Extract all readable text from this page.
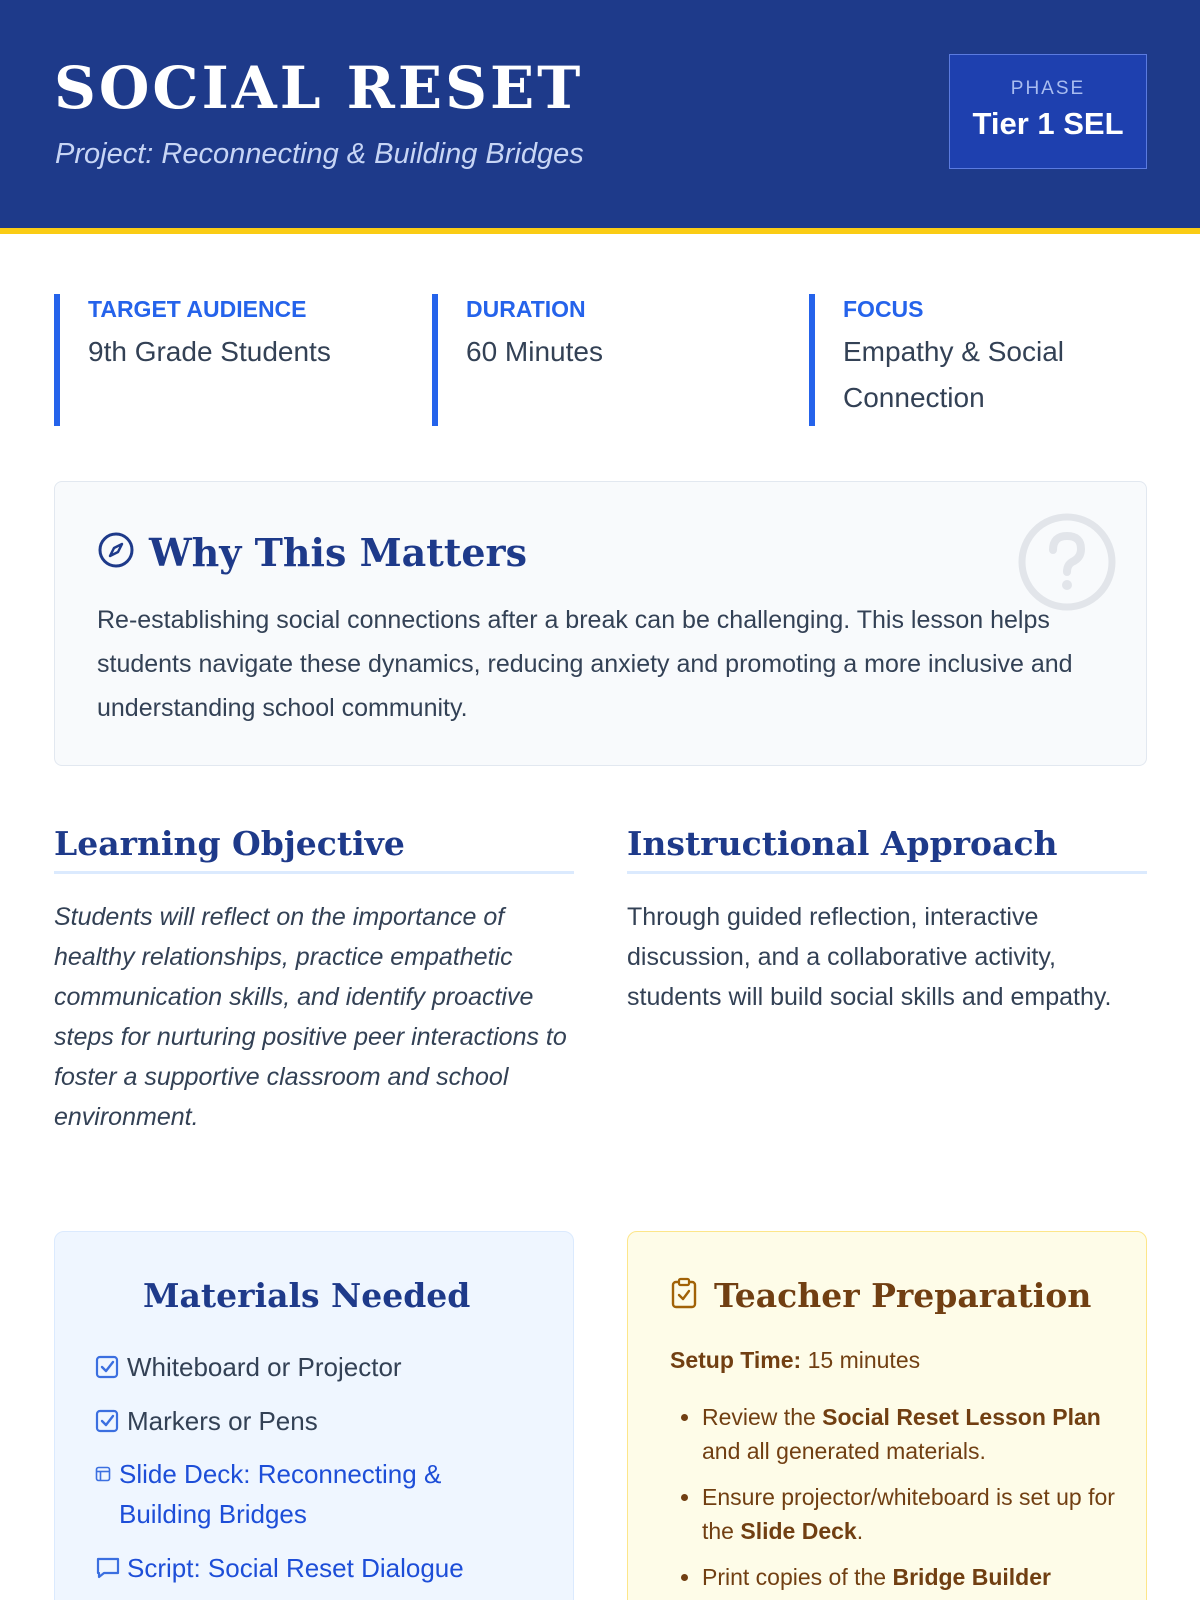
SOCIAL RESET
Project: Reconnecting & Building Bridges
PHASE
Tier 1 SEL
TARGET AUDIENCE
9th Grade Students
DURATION
60 Minutes
FOCUS
Empathy & Social Connection
Why This Matters
Re-establishing social connections after a break can be challenging. This lesson helps students navigate these dynamics, reducing anxiety and promoting a more inclusive and understanding school community.
Learning Objective
Students will reflect on the importance of healthy relationships, practice empathetic communication skills, and identify proactive steps for nurturing positive peer interactions to foster a supportive classroom and school environment.
Instructional Approach
Through guided reflection, interactive discussion, and a collaborative activity, students will build social skills and empathy.
Materials Needed
Whiteboard or Projector
Markers or Pens
Slide Deck: Reconnecting & Building Bridges
Script: Social Reset Dialogue
Teacher Preparation
Setup Time: 15 minutes
• Review the Social Reset Lesson Plan and all generated materials.
• Ensure projector/whiteboard is set up for the Slide Deck.
• Print copies of the Bridge Builder
